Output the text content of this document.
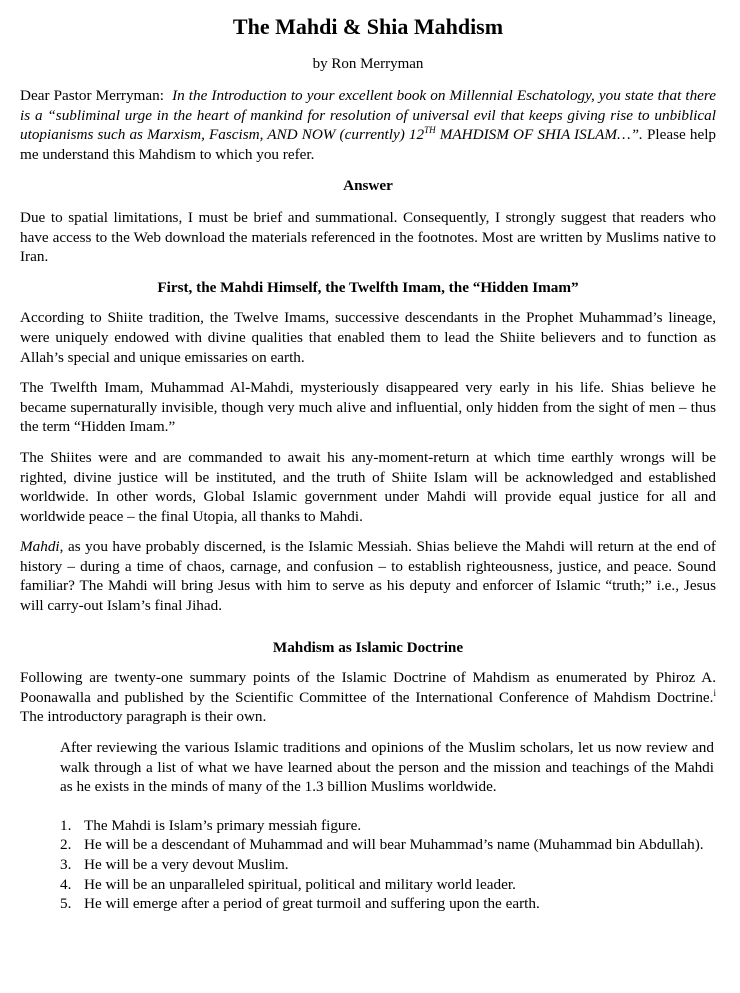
The Mahdi & Shia Mahdism
by Ron Merryman

Dear Pastor Merryman: In the Introduction to your excellent book on Millennial Eschatology, you state that there is a “subliminal urge in the heart of mankind for resolution of universal evil that keeps giving rise to unbiblical utopianisms such as Marxism, Fascism, AND NOW (currently) 12TH MAHDISM OF SHIA ISLAM…”. Please help me understand this Mahdism to which you refer.

Answer

Due to spatial limitations, I must be brief and summational. Consequently, I strongly suggest that readers who have access to the Web download the materials referenced in the footnotes. Most are written by Muslims native to Iran.

First, the Mahdi Himself, the Twelfth Imam, the “Hidden Imam”

According to Shiite tradition, the Twelve Imams, successive descendants in the Prophet Muhammad’s lineage, were uniquely endowed with divine qualities that enabled them to lead the Shiite believers and to function as Allah’s special and unique emissaries on earth.

The Twelfth Imam, Muhammad Al-Mahdi, mysteriously disappeared very early in his life. Shias believe he became supernaturally invisible, though very much alive and influential, only hidden from the sight of men – thus the term “Hidden Imam.”

The Shiites were and are commanded to await his any-moment-return at which time earthly wrongs will be righted, divine justice will be instituted, and the truth of Shiite Islam will be acknowledged and established worldwide. In other words, Global Islamic government under Mahdi will provide equal justice for all and worldwide peace – the final Utopia, all thanks to Mahdi.

Mahdi, as you have probably discerned, is the Islamic Messiah. Shias believe the Mahdi will return at the end of history – during a time of chaos, carnage, and confusion – to establish righteousness, justice, and peace. Sound familiar? The Mahdi will bring Jesus with him to serve as his deputy and enforcer of Islamic “truth;” i.e., Jesus will carry-out Islam’s final Jihad.

Mahdism as Islamic Doctrine

Following are twenty-one summary points of the Islamic Doctrine of Mahdism as enumerated by Phiroz A. Poonawalla and published by the Scientific Committee of the International Conference of Mahdism Doctrine.$^i$ The introductory paragraph is their own.

After reviewing the various Islamic traditions and opinions of the Muslim scholars, let us now review and walk through a list of what we have learned about the person and the mission and teachings of the Mahdi as he exists in the minds of many of the 1.3 billion Muslims worldwide.

1. The Mahdi is Islam’s primary messiah figure.
2. He will be a descendant of Muhammad and will bear Muhammad’s name (Muhammad bin Abdullah).
3. He will be a very devout Muslim.
4. He will be an unparalleled spiritual, political and military world leader.
5. He will emerge after a period of great turmoil and suffering upon the earth.
